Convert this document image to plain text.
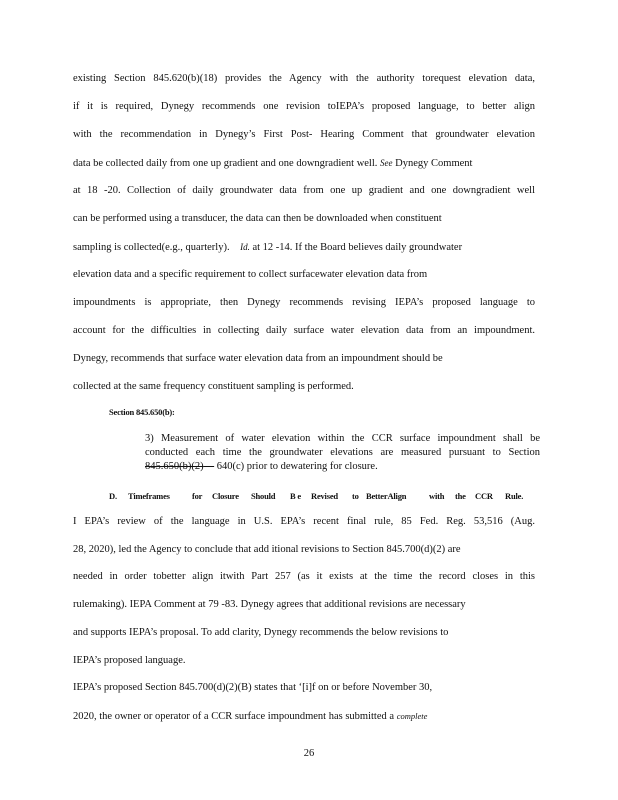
existing Section 845.620(b)(18) provides the Agency with the authority torequest elevation data,
if it is required, Dynegy recommends one revision toIEPA’s proposed language, to better align
with the recommendation in Dynegy’s First Post- Hearing Comment that groundwater elevation
data be collected daily from one up gradient and one downgradient well. See Dynegy Comment
at 18 -20. Collection of daily groundwater data from one up gradient and one downgradient well
can be performed using a transducer, the data can then be downloaded when constituent
sampling is collected(e.g., quarterly). Id. at 12 -14. If the Board believes daily groundwater
elevation data and a specific requirement to collect surfacewater elevation data from
impoundments is appropriate, then Dynegy recommends revising IEPA’s proposed language to
account for the difficulties in collecting daily surface water elevation data from an impoundment.
Dynegy, recommends that surface water elevation data from an impoundment should be
collected at the same frequency constituent sampling is performed.
Section 845.650(b):
3) Measurement of water elevation within the CCR surface impoundment shall be
conducted each time the groundwater elevations are measured pursuant to Section
845.650(b)(2)     640(c) prior to dewatering for closure.
D. Timeframes	for Closure Should B e Revised to BetterAlign	with the CCR Rule.
I EPA’s review of the language in U.S. EPA’s recent final rule, 85 Fed. Reg. 53,516 (Aug.
28, 2020), led the Agency to conclude that add itional revisions to Section 845.700(d)(2) are
needed in order tobetter align itwith Part 257 (as it exists at the time the record closes in this
rulemaking). IEPA Comment at 79 -83. Dynegy agrees that additional revisions are necessary
and supports IEPA’s proposal. To add clarity, Dynegy recommends the below revisions to
IEPA’s proposed language.
IEPA’s proposed Section 845.700(d)(2)(B) states that ‘[i]f on or before November 30,
2020, the owner or operator of a CCR surface impoundment has submitted a complete
26
